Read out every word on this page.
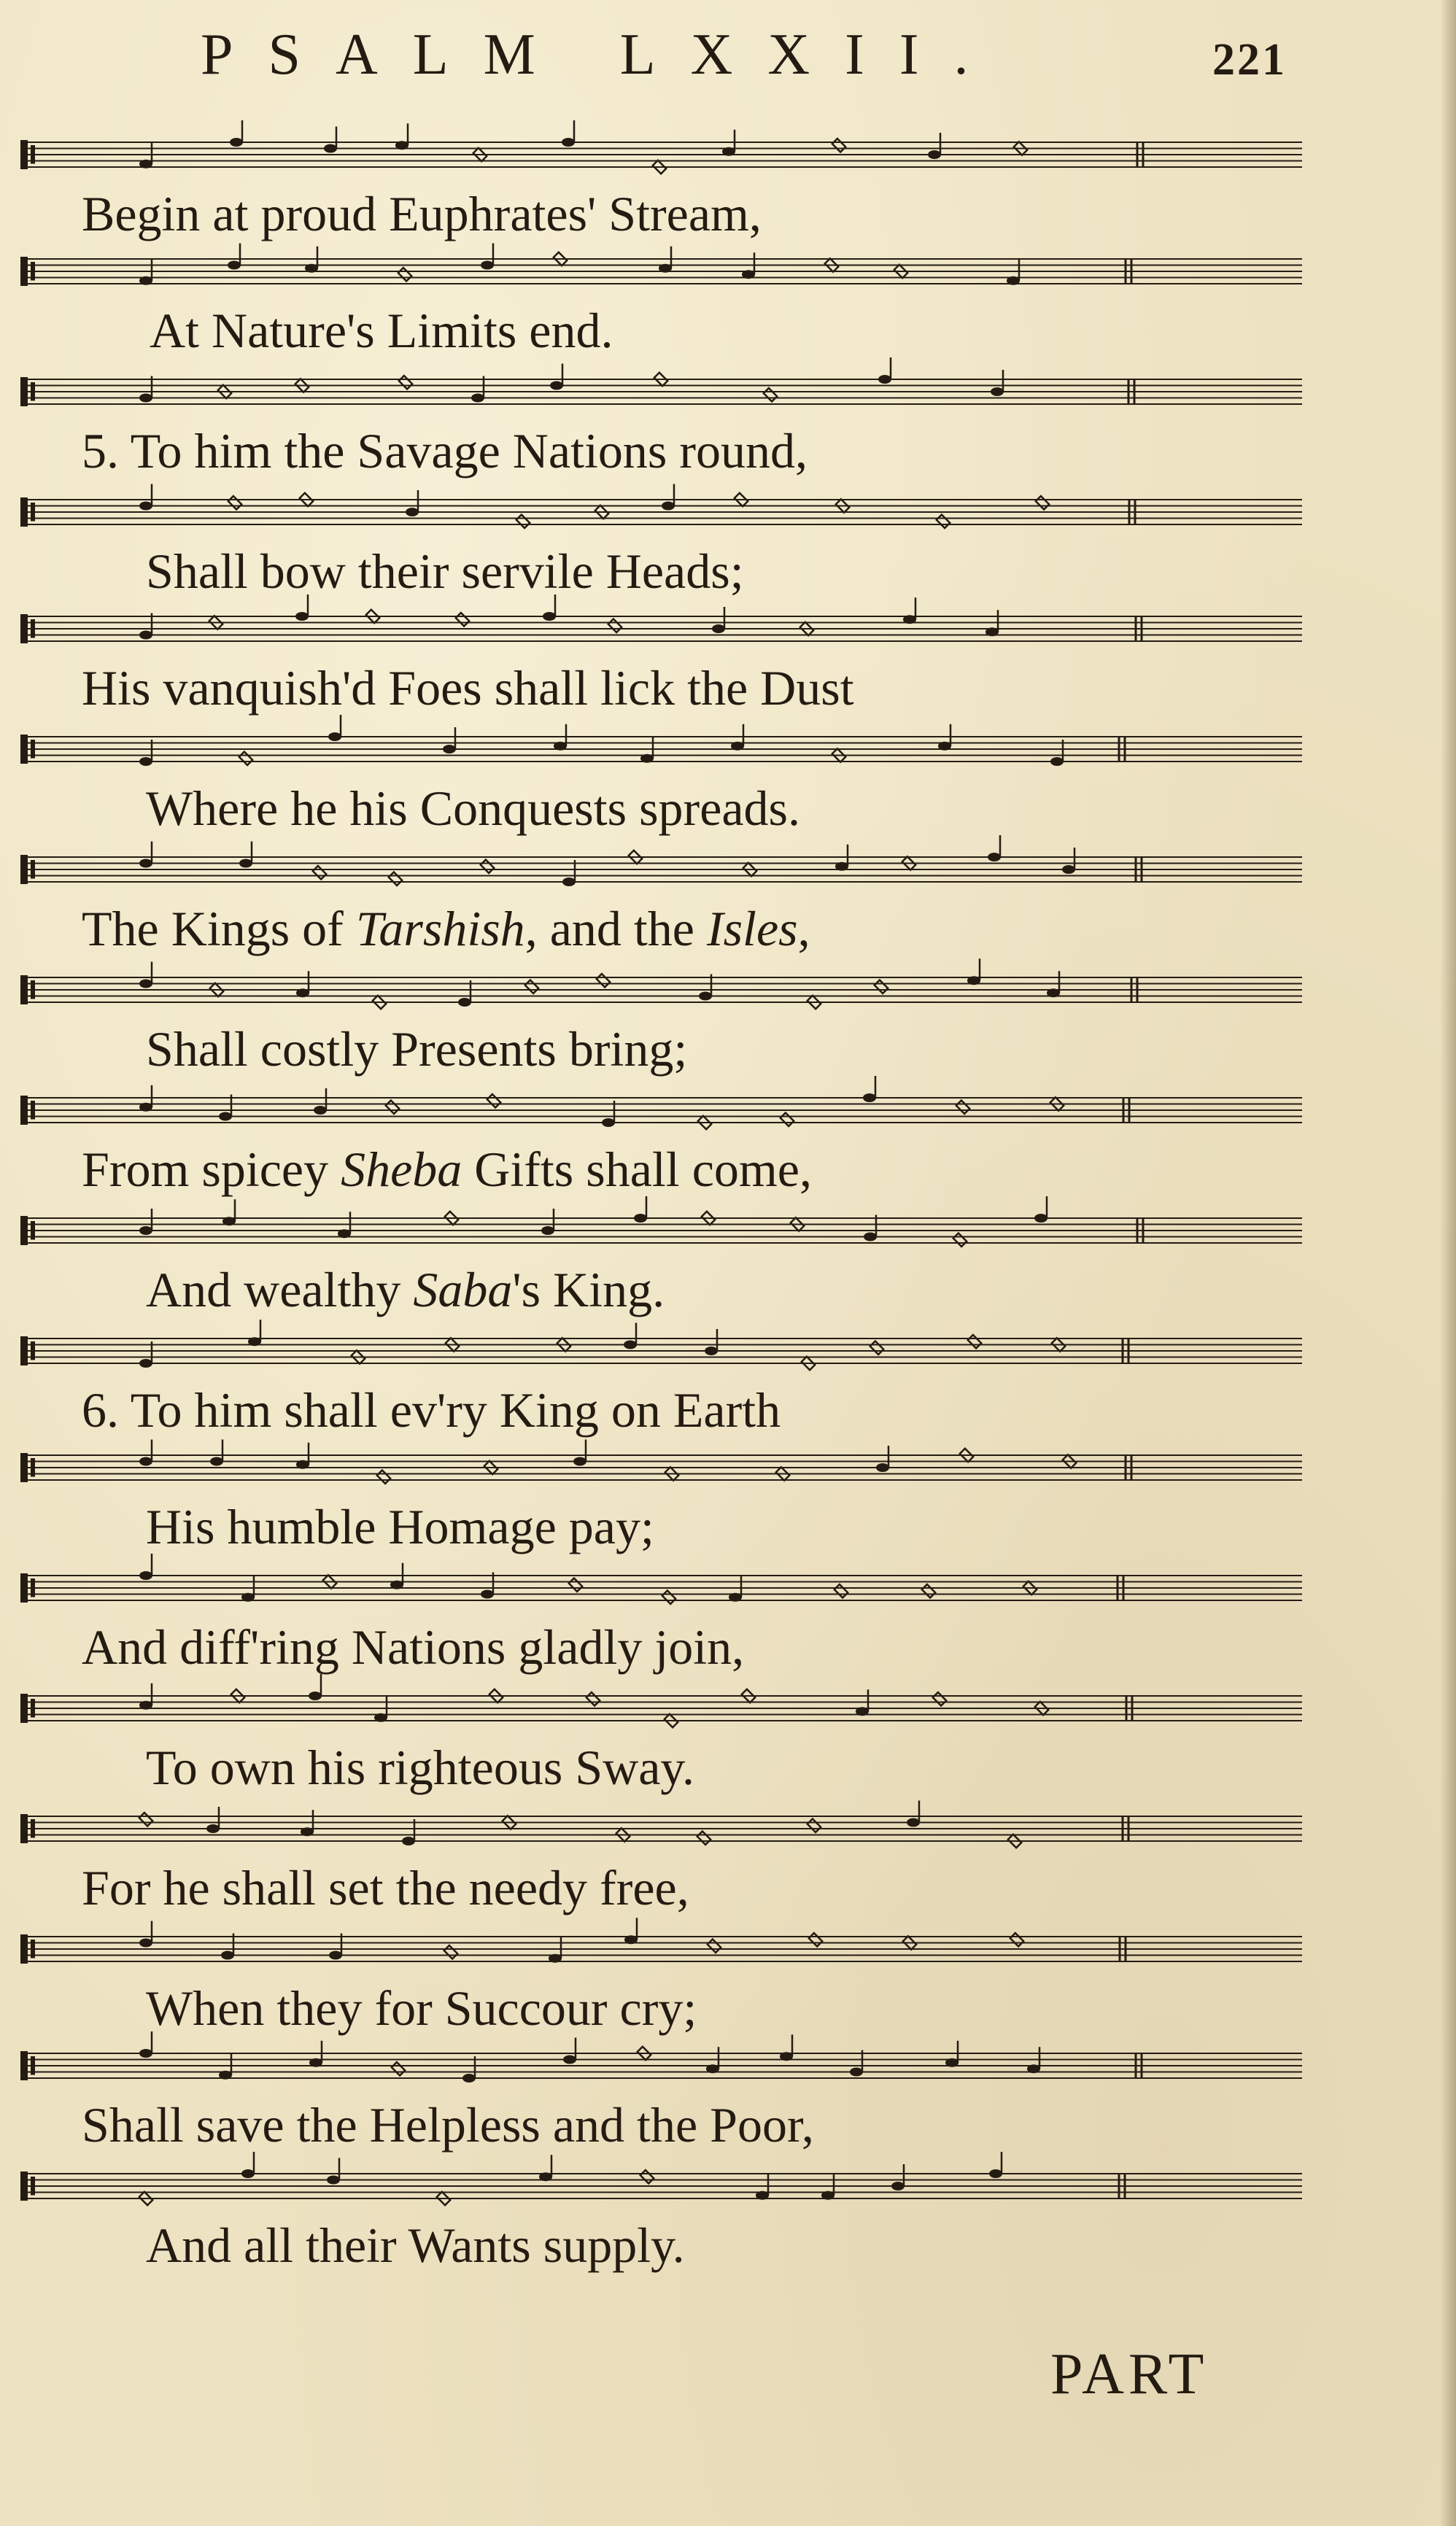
PSALM LXXII.	221
Begin at proud Euphrates' Stream,
At Nature's Limits end.
5. To him the Savage Nations round,
Shall bow their servile Heads;
His vanquish'd Foes shall lick the Dust
Where he his Conquests spreads.
The Kings of Tarshish, and the Isles,
Shall costly Presents bring;
From spicey Sheba Gifts shall come,
And wealthy Saba's King.
6. To him shall ev'ry King on Earth
His humble Homage pay;
And diff'ring Nations gladly join,
To own his righteous Sway.
For he shall set the needy free,
When they for Succour cry;
Shall save the Helpless and the Poor,
And all their Wants supply.
PART
